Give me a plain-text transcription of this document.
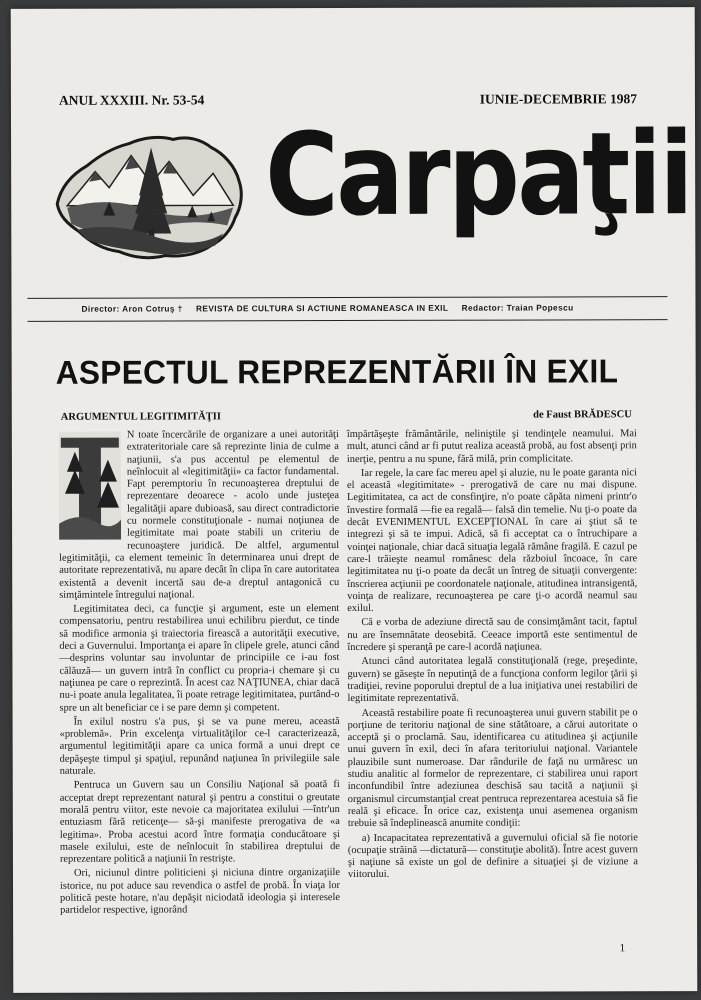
ANUL XXXIII. Nr. 53-54	IUNIE-DECEMBRIE 1987
Carpaţii
Director: Aron Cotruş † REVISTA DE CULTURA SI ACTIUNE ROMANEASCA IN EXIL Redactor: Traian Popescu
ASPECTUL REPREZENTĂRII ÎN EXIL
ARGUMENTUL LEGITIMITĂŢII	de Faust BRĂDESCU

N toate încercările de organizare a unei autorităţi extrateritoriale care să reprezinte linia de culme a naţiunii, s'a pus accentul pe elementul de neînlocuit al «legitimităţii» ca factor fundamental. Fapt peremptoriu în recunoaşterea dreptului de reprezentare deoarece - acolo unde justeţea legalităţii apare dubioasă, sau direct contradictorie cu normele constituţionale - numai noţiunea de legitimitate mai poate stabili un criteriu de recunoaştere juridică. De altfel, argumentul legitimităţii, ca element temeinic în determinarea unui drept de autoritate reprezentativă, nu apare decât în clipa în care autoritatea existentă a devenit incertă sau de-a dreptul antagonică cu simţămintele întregului naţional.

Legitimitatea deci, ca funcţie şi argument, este un element compensatoriu, pentru restabilirea unui echilibru pierdut, ce tinde să modifice armonia şi traiectoria firească a autorităţii executive, deci a Guvernului. Importanţa ei apare în clipele grele, atunci când —desprins voluntar sau involuntar de principiile ce i-au fost călăuză— un guvern intră în conflict cu propria-i chemare şi cu naţiunea pe care o reprezintă. În acest caz NAŢIUNEA, chiar dacă nu-i poate anula legalitatea, îi poate retrage legitimitatea, purtând-o spre un alt beneficiar ce i se pare demn şi competent.

În exilul nostru s'a pus, şi se va pune mereu, această «problemă». Prin excelenţa virtualităţilor ce-l caracterizează, argumentul legitimităţii apare ca unica formă a unui drept ce depăşeşte timpul şi spaţiul, repunând naţiunea în privilegiile sale naturale.

Pentruca un Guvern sau un Consiliu Naţional să poată fi acceptat drept reprezentant natural şi pentru a constitui o greutate morală pentru viitor, este nevoie ca majoritatea exilului —într'un entuziasm fără reticenţe— să-şi manifeste prerogativa de «a legitima». Proba acestui acord între formaţia conducătoare şi masele exilului, este de neînlocuit în stabilirea dreptului de reprezentare politică a naţiunii în restrişte.

Ori, niciunul dintre politicieni şi niciuna dintre organizaţiile istorice, nu pot aduce sau revendica o astfel de probă. În viaţa lor politică peste hotare, n'au depăşit niciodată ideologia şi interesele partidelor respective, ignorând

împărtăşeşte frământările, neliniştile şi tendinţele neamului. Mai mult, atunci când ar fi putut realiza această probă, au fost absenţi prin inerţie, pentru a nu spune, fără milă, prin complicitate.

Iar regele, la care fac mereu apel şi aluzie, nu le poate garanta nici el această «legitimitate» - prerogativă de care nu mai dispune. Legitimitatea, ca act de consfinţire, n'o poate căpăta nimeni printr'o învestire formală —fie ea regală— falsă din temelie. Nu ţi-o poate da decât EVENIMENTUL EXCEPŢIONAL în care ai ştiut să te integrezi şi să te impui. Adică, să fi acceptat ca o întruchipare a voinţei naţionale, chiar dacă situaţia legală rămâne fragilă. E cazul pe care-l trăieşte neamul românesc dela războiul încoace, în care legitimitatea nu ţi-o poate da decât un întreg de situaţii convergente: înscrierea acţiunii pe coordonatele naţionale, atitudinea intransigentă, voinţa de realizare, recunoaşterea pe care ţi-o acordă neamul sau exilul.

Că e vorba de adeziune directă sau de consimţământ tacit, faptul nu are însemnătate deosebită. Ceeace importă este sentimentul de încredere şi speranţă pe care-l acordă naţiunea.

Atunci când autoritatea legală constituţională (rege, preşedinte, guvern) se găseşte în neputinţă de a funcţiona conform legilor ţării şi tradiţiei, revine poporului dreptul de a lua iniţiativa unei restabiliri de legitimitate reprezentativă.

Această restabilire poate fi recunoaşterea unui guvern stabilit pe o porţiune de teritoriu naţional de sine stătătoare, a cărui autoritate o acceptă şi o proclamă. Sau, identificarea cu atitudinea şi acţiunile unui guvern în exil, deci în afara teritoriului naţional. Variantele plauzibile sunt numeroase. Dar rândurile de faţă nu urmăresc un studiu analitic al formelor de reprezentare, ci stabilirea unui raport inconfundibil între adeziunea deschisă sau tacită a naţiunii şi organismul circumstanţial creat pentruca reprezentarea acestuia să fie reală şi eficace. În orice caz, existenţa unui asemenea organism trebuie să îndeplinească anumite condiţii:

a) Incapacitatea reprezentativă a guvernului oficial să fie notorie (ocupaţie străină —dictatură— constituţie abolită). Între acest guvern şi naţiune să existe un gol de definire a situaţiei şi de viziune a viitorului.

1
